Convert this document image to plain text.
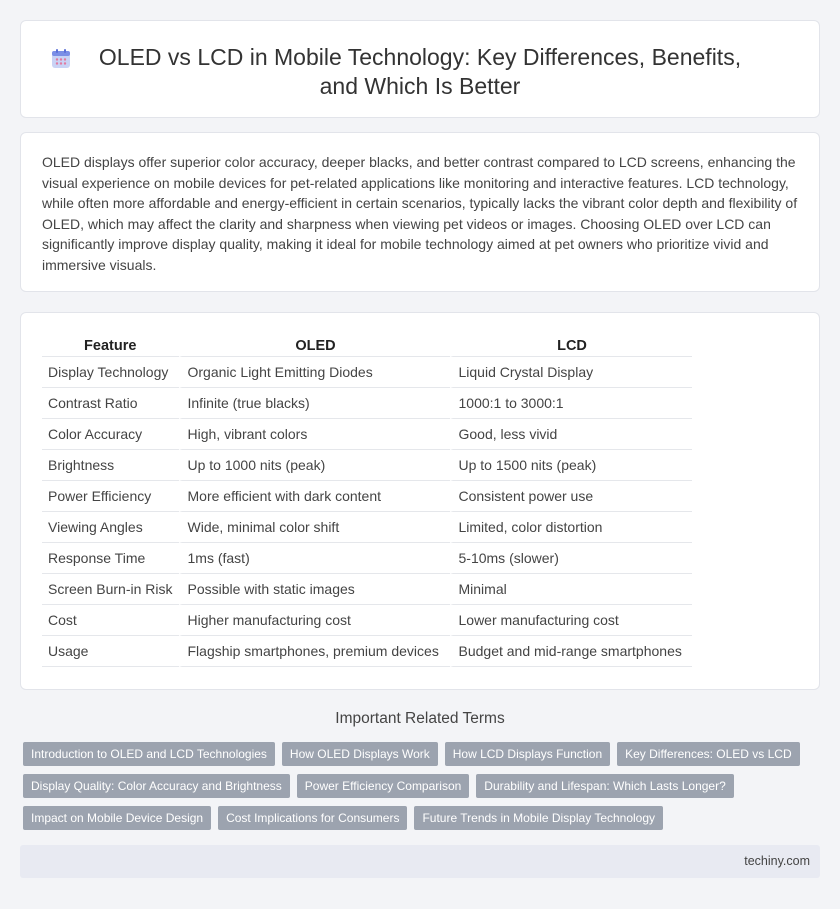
OLED vs LCD in Mobile Technology: Key Differences, Benefits, and Which Is Better

OLED displays offer superior color accuracy, deeper blacks, and better contrast compared to LCD screens, enhancing the visual experience on mobile devices for pet-related applications like monitoring and interactive features. LCD technology, while often more affordable and energy-efficient in certain scenarios, typically lacks the vibrant color depth and flexibility of OLED, which may affect the clarity and sharpness when viewing pet videos or images. Choosing OLED over LCD can significantly improve display quality, making it ideal for mobile technology aimed at pet owners who prioritize vivid and immersive visuals.

Feature	OLED	LCD
Display Technology	Organic Light Emitting Diodes	Liquid Crystal Display
Contrast Ratio	Infinite (true blacks)	1000:1 to 3000:1
Color Accuracy	High, vibrant colors	Good, less vivid
Brightness	Up to 1000 nits (peak)	Up to 1500 nits (peak)
Power Efficiency	More efficient with dark content	Consistent power use
Viewing Angles	Wide, minimal color shift	Limited, color distortion
Response Time	1ms (fast)	5-10ms (slower)
Screen Burn-in Risk	Possible with static images	Minimal
Cost	Higher manufacturing cost	Lower manufacturing cost
Usage	Flagship smartphones, premium devices	Budget and mid-range smartphones
Important Related Terms
Introduction to OLED and LCD Technologies	How OLED Displays Work	How LCD Displays Function	Key Differences: OLED vs LCD
Display Quality: Color Accuracy and Brightness	Power Efficiency Comparison	Durability and Lifespan: Which Lasts Longer?
Impact on Mobile Device Design	Cost Implications for Consumers	Future Trends in Mobile Display Technology
techiny.com
